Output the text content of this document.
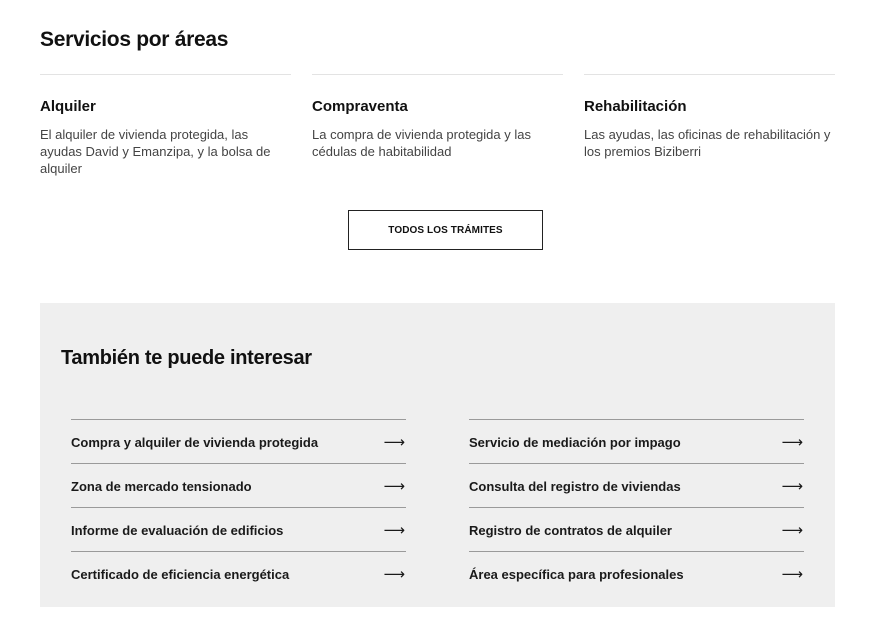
Servicios por áreas
Alquiler
El alquiler de vivienda protegida, las ayudas David y Emanzipa, y la bolsa de alquiler
Compraventa
La compra de vivienda protegida y las cédulas de habitabilidad
Rehabilitación
Las ayudas, las oficinas de rehabilitación y los premios Biziberri
TODOS LOS TRÁMITES
También te puede interesar
Compra y alquiler de vivienda protegida	⟶
Zona de mercado tensionado	⟶
Informe de evaluación de edificios	⟶
Certificado de eficiencia energética	⟶
Servicio de mediación por impago	⟶
Consulta del registro de viviendas	⟶
Registro de contratos de alquiler	⟶
Área específica para profesionales	⟶
